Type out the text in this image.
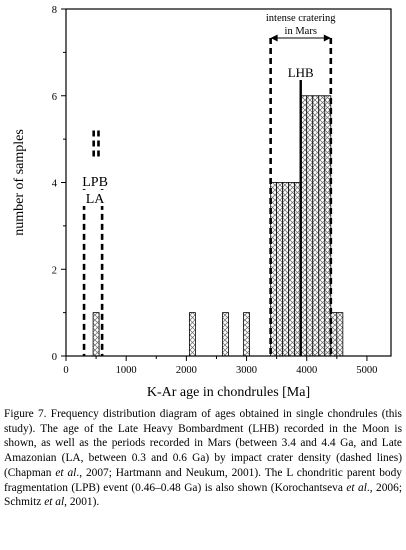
0	1000	2000	3000	4000	5000
0
2
4
6
8
LPB
LA
LHB
intense cratering
in Mars
K-Ar age in chondrules [Ma]
number of samples

Figure 7. Frequency distribution diagram of ages obtained in single chondrules (this study). The age of the Late Heavy Bombardment (LHB) recorded in the Moon is shown, as well as the periods recorded in Mars (between 3.4 and 4.4 Ga, and Late Amazonian (LA, between 0.3 and 0.6 Ga) by impact crater density (dashed lines) (Chapman et al., 2007; Hartmann and Neukum, 2001). The L chondritic parent body fragmentation (LPB) event (0.46–0.48 Ga) is also shown (Korochantseva et al., 2006; Schmitz et al, 2001).
